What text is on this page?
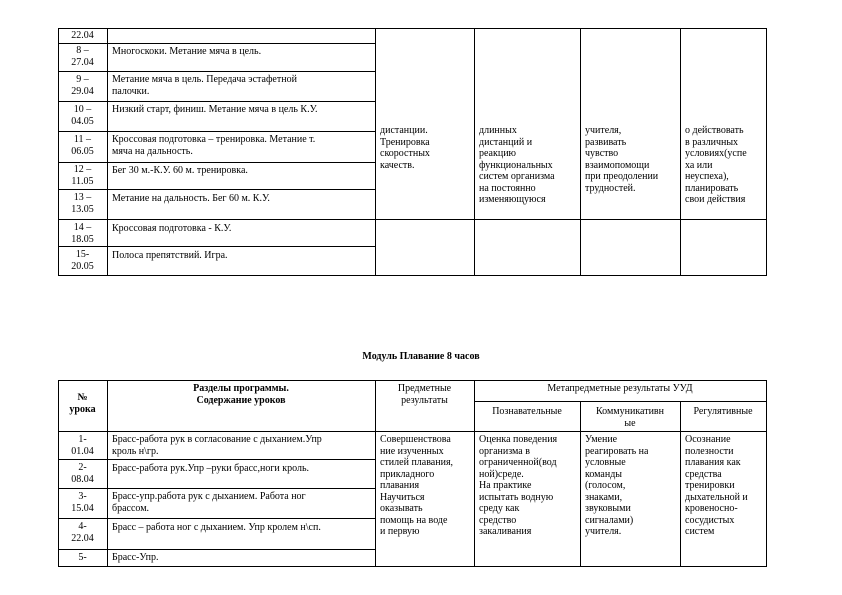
22.04
8 –
27.04
9 –
29.04
10 –
04.05
11 –
06.05
12 –
11.05
13 –
13.05
14 –
18.05
15-
20.05
Многоскоки. Метание мяча в цель.
Метание мяча в цель. Передача эстафетной
палочки.
Низкий старт, финиш. Метание мяча в цель К.У.
Кроссовая подготовка – тренировка. Метание т.
мяча на дальность.
Бег 30 м.-К.У. 60 м. тренировка.
Метание на дальность. Бег 60 м. К.У.
Кроссовая подготовка - К.У.
Полоса препятствий. Игра.
дистанции.
Тренировка
скоростных
качеств.
длинных
дистанций и
реакцию
функциональных
систем организма
на постоянно
изменяющуюся
учителя,
развивать
чувство
взаимопомощи
при преодолении
трудностей.
о действовать
в различных
условиях(успе
ха или
неуспеха),
планировать
свои действия
Модуль Плавание 8 часов
№
урока
Разделы программы.
Содержание уроков
Предметные
результаты
Метапредметные результаты УУД
Познавательные	Коммуникативн
ые
Регулятивные
1-
01.04
2-
08.04
3-
15.04
4-
22.04
5-
Брасс-работа рук в согласование с дыханием.Упр
кроль н\гр.
Брасс-работа рук.Упр –руки брасс,ноги кроль.
Брасс-упр.работа рук с дыханием. Работа ног
брассом.
Брасс – работа ног с дыханием. Упр кролем н\сп.
Брасс-Упр.
Совершенствова
ние изученных
стилей плавания,
прикладного
плавания
Научиться
оказывать
помощь на воде
и первую
Оценка поведения
организма в
ограниченной(вод
ной)среде.
На практике
испытать водную
среду как
средство
закаливания
Умение
реагировать на
условные
команды
(голосом,
знаками,
звуковыми
сигналами)
учителя.
Осознание
полезности
плавания как
средства
тренировки
дыхательной и
кровеносно-
сосудистых
систем
